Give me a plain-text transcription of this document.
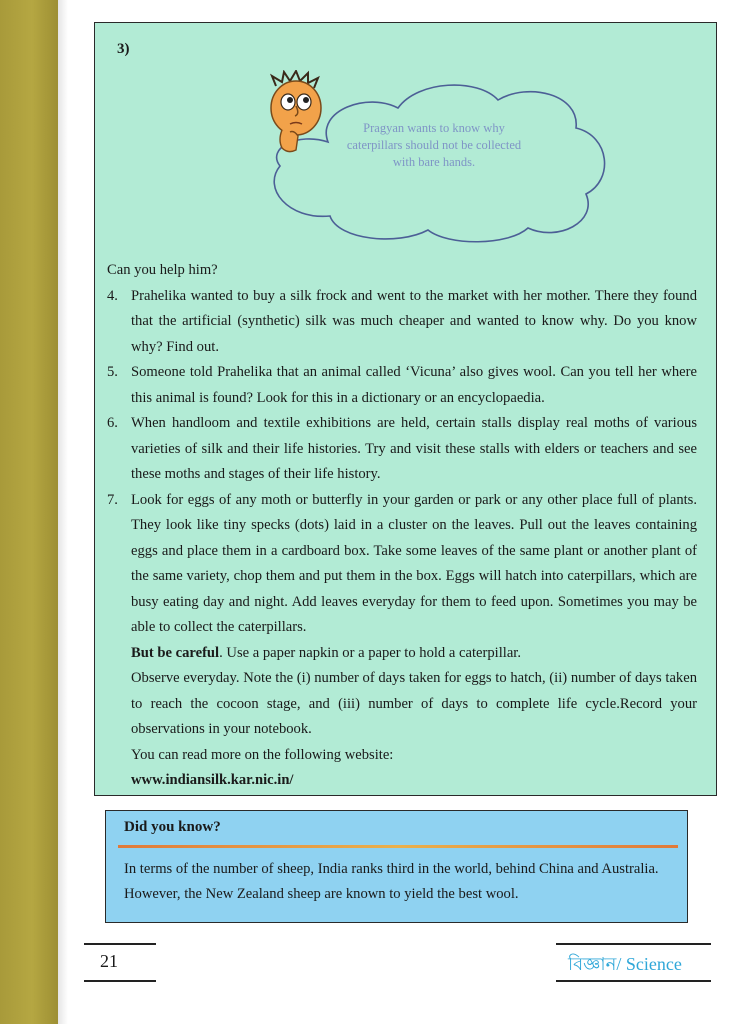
3)
Pragyan wants to know why caterpillars should not be collected with bare hands.

Can you help him?

4. Prahelika wanted to buy a silk frock and went to the market with her mother. There they found that the artificial (synthetic) silk was much cheaper and wanted to know why. Do you know why? Find out.
5. Someone told Prahelika that an animal called ‘Vicuna’ also gives wool. Can you tell her where this animal is found? Look for this in a dictionary or an encyclopaedia.
6. When handloom and textile exhibitions are held, certain stalls display real moths of various varieties of silk and their life histories. Try and visit these stalls with elders or teachers and see these moths and stages of their life history.
7. Look for eggs of any moth or butterfly in your garden or park or any other place full of plants. They look like tiny specks (dots) laid in a cluster on the leaves. Pull out the leaves containing eggs and place them in a cardboard box. Take some leaves of the same plant or another plant of the same variety, chop them and put them in the box. Eggs will hatch into caterpillars, which are busy eating day and night. Add leaves everyday for them to feed upon. Sometimes you may be able to collect the caterpillars.

But be careful. Use a paper napkin or a paper to hold a caterpillar.

Observe everyday. Note the (i) number of days taken for eggs to hatch, (ii) number of days taken to reach the cocoon stage, and (iii) number of days to complete life cycle.Record your observations in your notebook.

You can read more on the following website:

www.indiansilk.kar.nic.in/

Did you know?
In terms of the number of sheep, India ranks third in the world, behind China and Australia. However, the New Zealand sheep are known to yield the best wool.
21	বিজ্ঞান/ Science
